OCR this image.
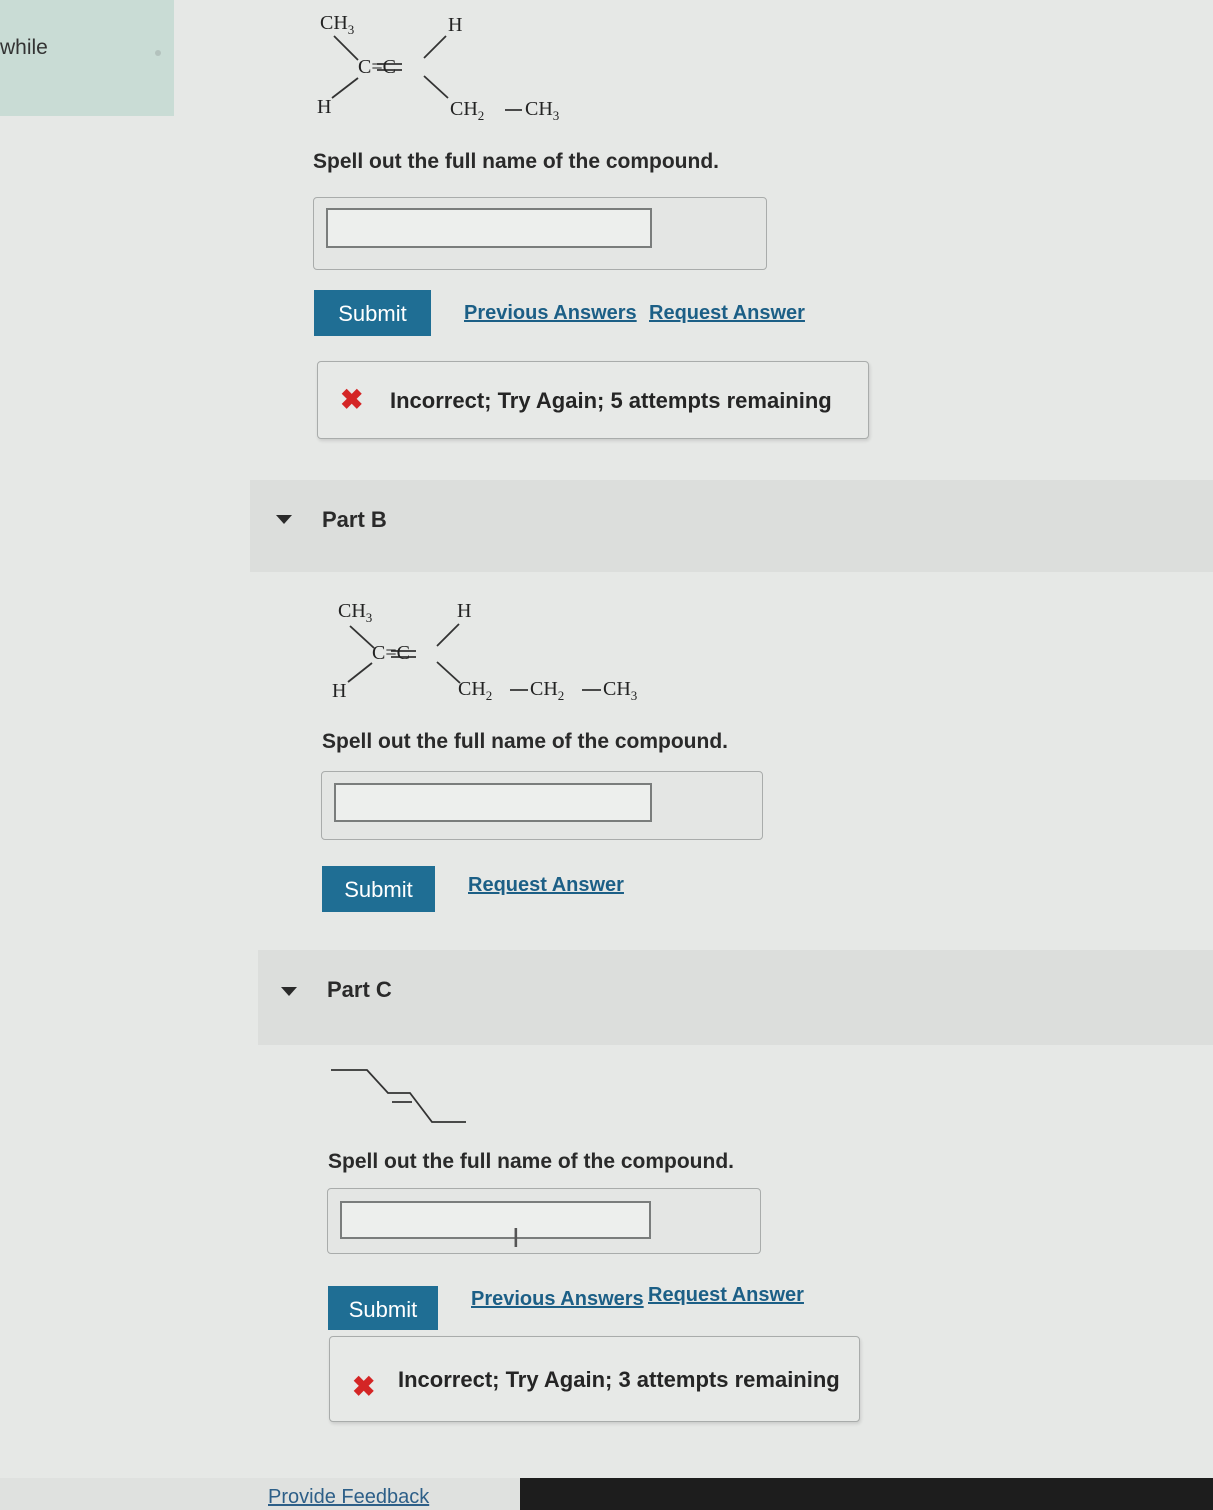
while
$CH_3$	H
C=C
H	$CH_2$ $CH_3$
Spell out the full name of the compound.
Submit	Previous Answers Request Answer
✖ Incorrect; Try Again; 5 attempts remaining
Part B
$CH_3$	H
C=C
H	$CH_2$ $CH_2$ $CH_3$
Spell out the full name of the compound.
Submit	Request Answer
Part C
Spell out the full name of the compound.
I
Submit	Previous Answers Request Answer
✖ Incorrect; Try Again; 3 attempts remaining
Provide Feedback
